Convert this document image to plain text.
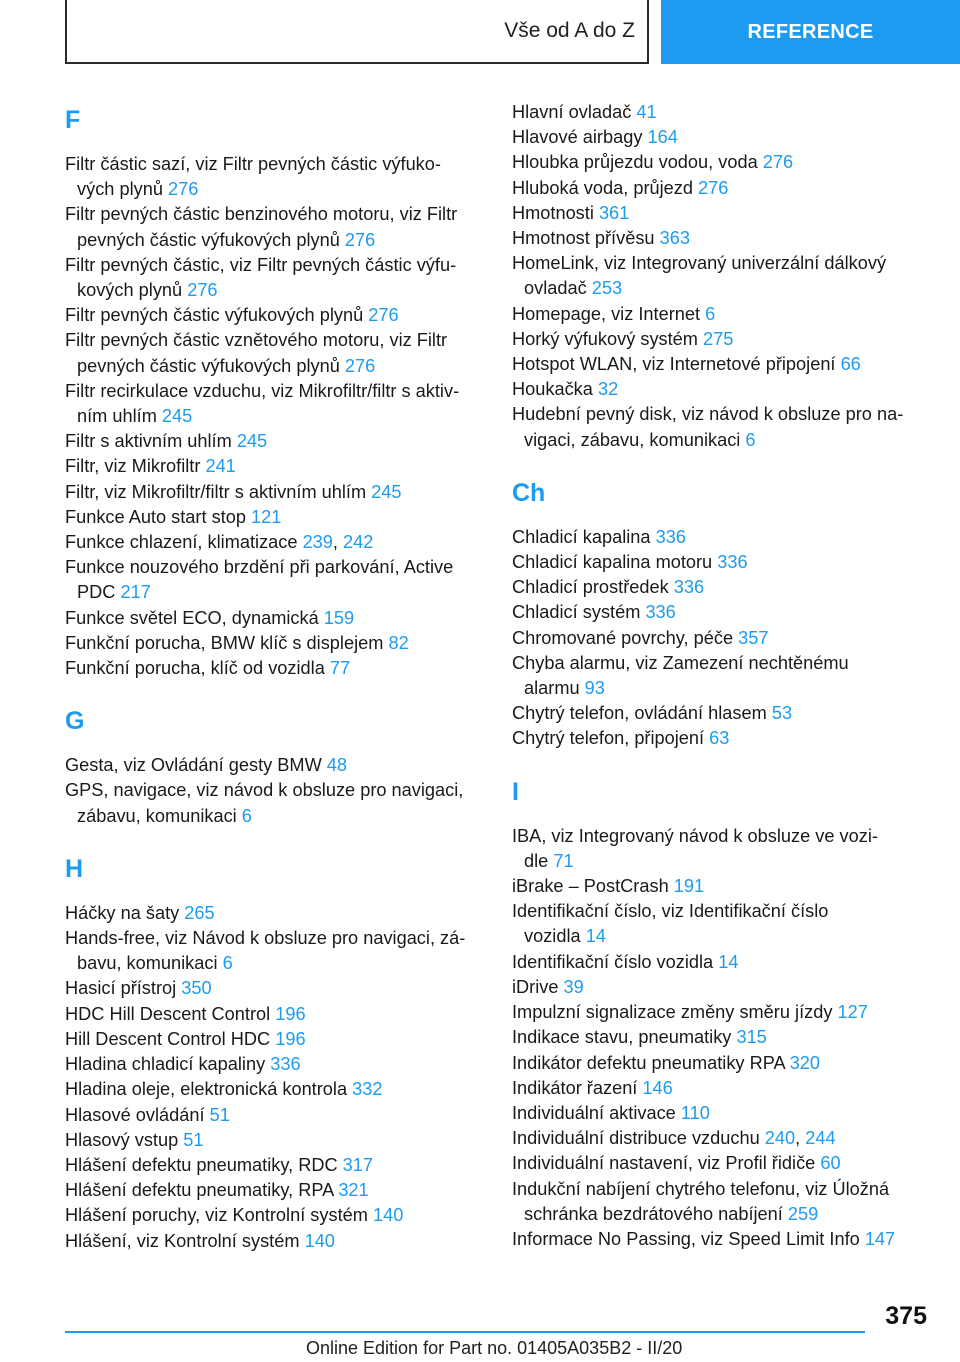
Vše od A do Z	REFERENCE
F
Filtr částic sazí, viz Filtr pevných částic výfuko-
vých plynů 276
Filtr pevných částic benzinového motoru, viz Filtr
pevných částic výfukových plynů 276
Filtr pevných částic, viz Filtr pevných částic výfu-
kových plynů 276
Filtr pevných částic výfukových plynů 276
Filtr pevných částic vznětového motoru, viz Filtr
pevných částic výfukových plynů 276
Filtr recirkulace vzduchu, viz Mikrofiltr/filtr s aktiv-
ním uhlím 245
Filtr s aktivním uhlím 245
Filtr, viz Mikrofiltr 241
Filtr, viz Mikrofiltr/filtr s aktivním uhlím 245
Funkce Auto start stop 121
Funkce chlazení, klimatizace 239, 242
Funkce nouzového brzdění při parkování, Active
PDC 217
Funkce světel ECO, dynamická 159
Funkční porucha, BMW klíč s displejem 82
Funkční porucha, klíč od vozidla 77
G
Gesta, viz Ovládání gesty BMW 48
GPS, navigace, viz návod k obsluze pro navigaci,
zábavu, komunikaci 6
H
Háčky na šaty 265
Hands-free, viz Návod k obsluze pro navigaci, zá-
bavu, komunikaci 6
Hasicí přístroj 350
HDC Hill Descent Control 196
Hill Descent Control HDC 196
Hladina chladicí kapaliny 336
Hladina oleje, elektronická kontrola 332
Hlasové ovládání 51
Hlasový vstup 51
Hlášení defektu pneumatiky, RDC 317
Hlášení defektu pneumatiky, RPA 321
Hlášení poruchy, viz Kontrolní systém 140
Hlášení, viz Kontrolní systém 140
Hlavní ovladač 41
Hlavové airbagy 164
Hloubka průjezdu vodou, voda 276
Hluboká voda, průjezd 276
Hmotnosti 361
Hmotnost přívěsu 363
HomeLink, viz Integrovaný univerzální dálkový
ovladač 253
Homepage, viz Internet 6
Horký výfukový systém 275
Hotspot WLAN, viz Internetové připojení 66
Houkačka 32
Hudební pevný disk, viz návod k obsluze pro na-
vigaci, zábavu, komunikaci 6
Ch
Chladicí kapalina 336
Chladicí kapalina motoru 336
Chladicí prostředek 336
Chladicí systém 336
Chromované povrchy, péče 357
Chyba alarmu, viz Zamezení nechtěnému
alarmu 93
Chytrý telefon, ovládání hlasem 53
Chytrý telefon, připojení 63
I
IBA, viz Integrovaný návod k obsluze ve vozi-
dle 71
iBrake – PostCrash 191
Identifikační číslo, viz Identifikační číslo
vozidla 14
Identifikační číslo vozidla 14
iDrive 39
Impulzní signalizace změny směru jízdy 127
Indikace stavu, pneumatiky 315
Indikátor defektu pneumatiky RPA 320
Indikátor řazení 146
Individuální aktivace 110
Individuální distribuce vzduchu 240, 244
Individuální nastavení, viz Profil řidiče 60
Indukční nabíjení chytrého telefonu, viz Úložná
schránka bezdrátového nabíjení 259
Informace No Passing, viz Speed Limit Info 147
375
Online Edition for Part no. 01405A035B2 - II/20
